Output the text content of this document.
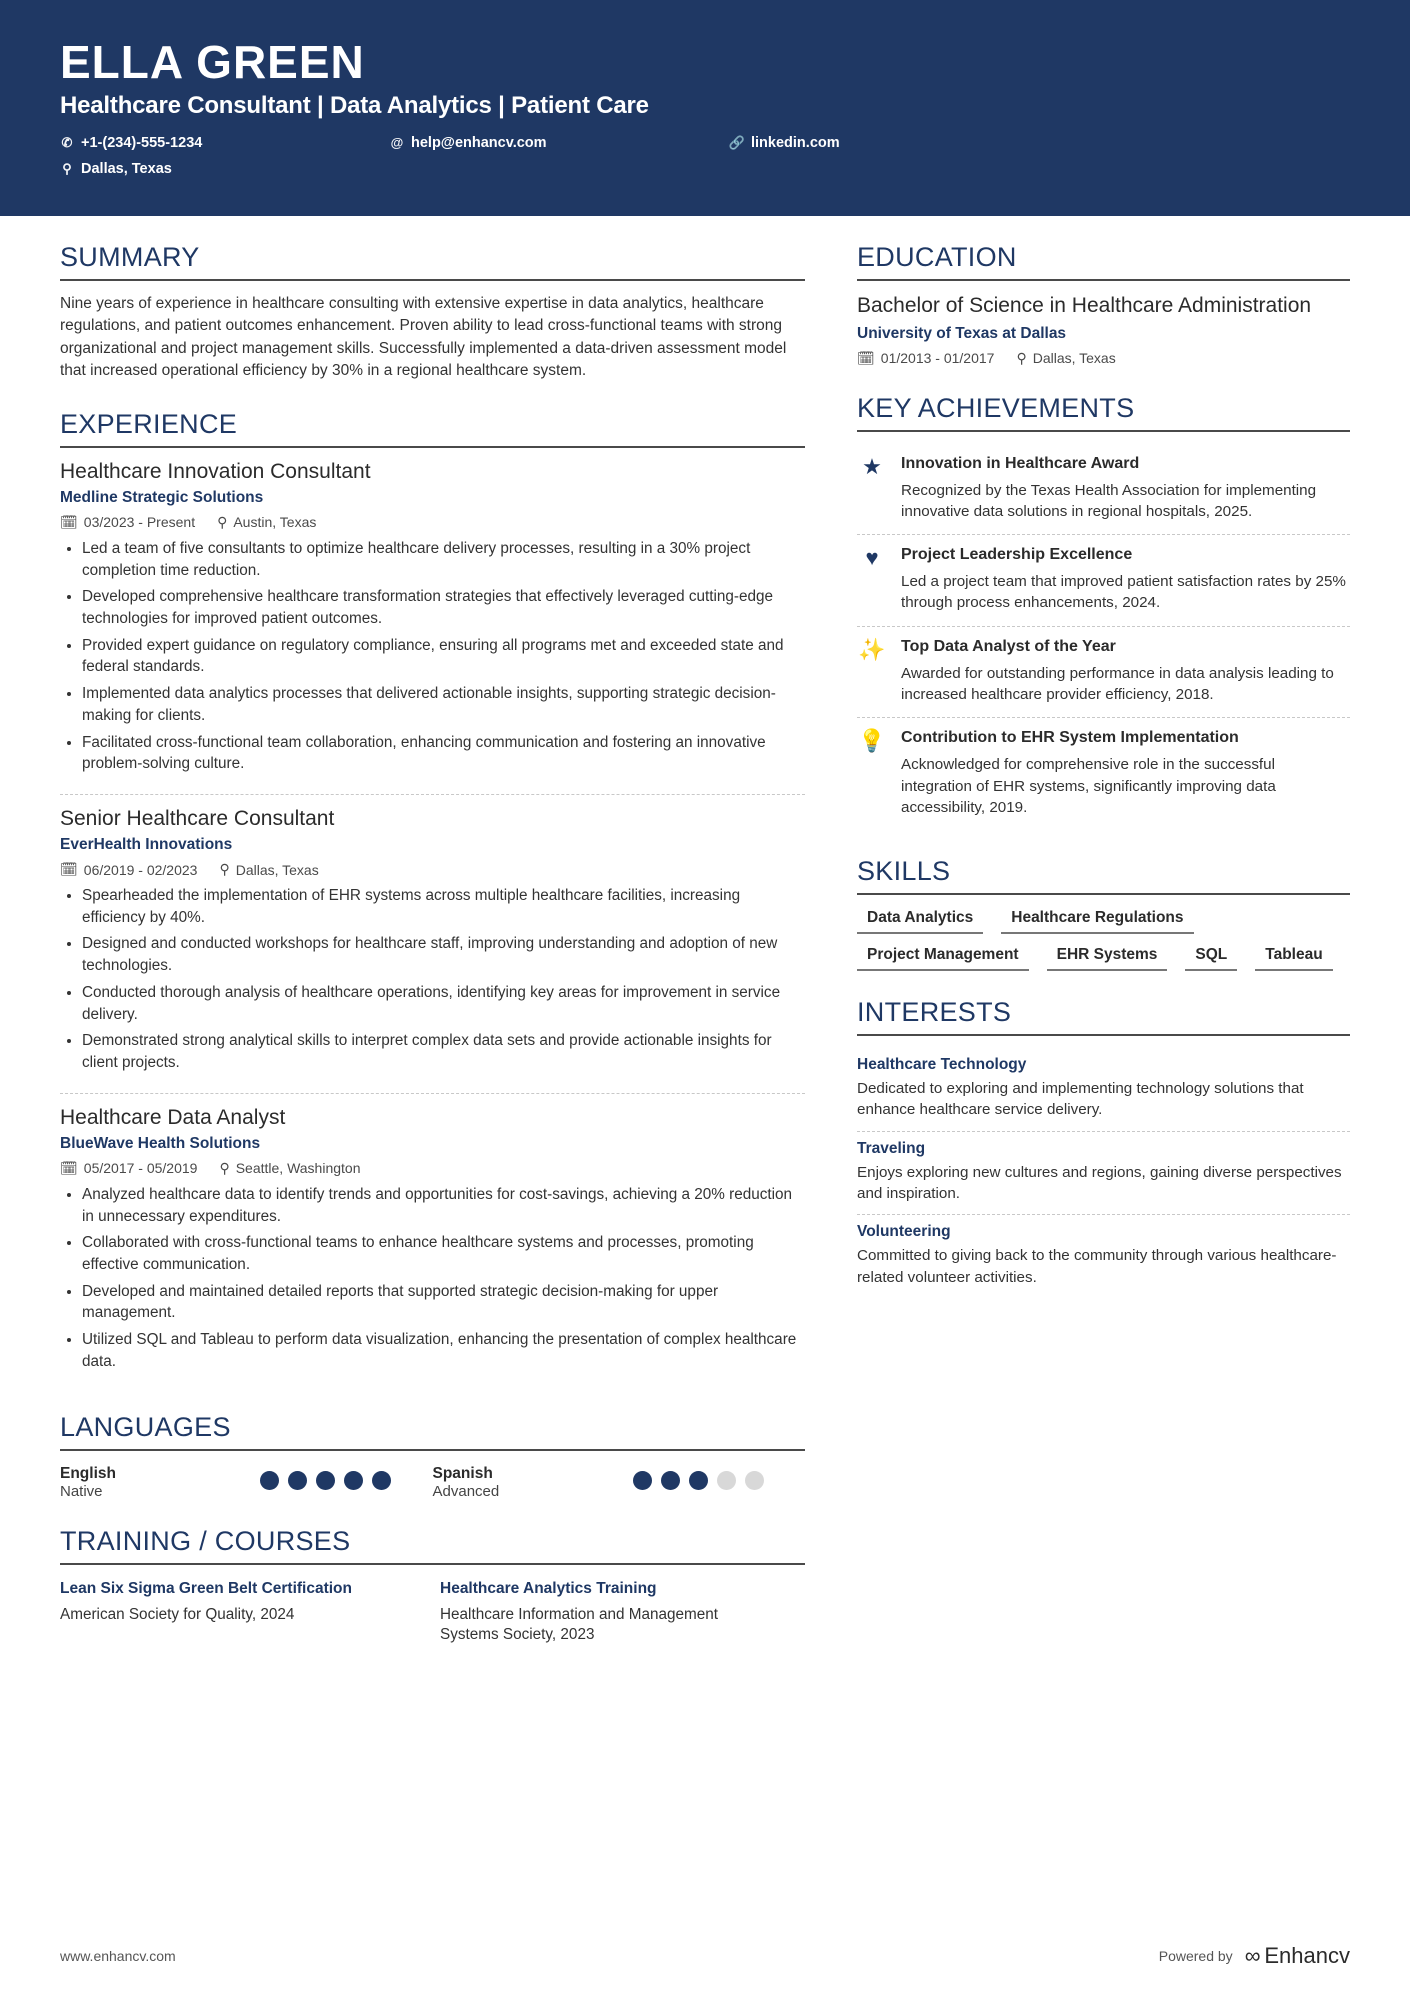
ELLA GREEN
Healthcare Consultant | Data Analytics | Patient Care
✆ +1-(234)-555-1234
⚲ Dallas, Texas
@ help@enhancv.com	🔗 linkedin.com
SUMMARY
Nine years of experience in healthcare consulting with extensive expertise in data analytics, healthcare regulations, and patient outcomes enhancement. Proven ability to lead cross-functional teams with strong organizational and project management skills. Successfully implemented a data-driven assessment model that increased operational efficiency by 30% in a regional healthcare system.
EXPERIENCE
Healthcare Innovation Consultant
Medline Strategic Solutions
🗓 03/2023 - Present ⚲ Austin, Texas
• Led a team of five consultants to optimize healthcare delivery processes, resulting in a 30% project completion time reduction.
• Developed comprehensive healthcare transformation strategies that effectively leveraged cutting-edge technologies for improved patient outcomes.
• Provided expert guidance on regulatory compliance, ensuring all programs met and exceeded state and federal standards.
• Implemented data analytics processes that delivered actionable insights, supporting strategic decision-making for clients.
• Facilitated cross-functional team collaboration, enhancing communication and fostering an innovative problem-solving culture.
Senior Healthcare Consultant
EverHealth Innovations
🗓 06/2019 - 02/2023 ⚲ Dallas, Texas
• Spearheaded the implementation of EHR systems across multiple healthcare facilities, increasing efficiency by 40%.
• Designed and conducted workshops for healthcare staff, improving understanding and adoption of new technologies.
• Conducted thorough analysis of healthcare operations, identifying key areas for improvement in service delivery.
• Demonstrated strong analytical skills to interpret complex data sets and provide actionable insights for client projects.
Healthcare Data Analyst
BlueWave Health Solutions
🗓 05/2017 - 05/2019 ⚲ Seattle, Washington
• Analyzed healthcare data to identify trends and opportunities for cost-savings, achieving a 20% reduction in unnecessary expenditures.
• Collaborated with cross-functional teams to enhance healthcare systems and processes, promoting effective communication.
• Developed and maintained detailed reports that supported strategic decision-making for upper management.
• Utilized SQL and Tableau to perform data visualization, enhancing the presentation of complex healthcare data.
LANGUAGES
English
Native
Spanish
Advanced
TRAINING / COURSES
Lean Six Sigma Green Belt Certification
American Society for Quality, 2024
Healthcare Analytics Training
Healthcare Information and Management Systems Society, 2023
EDUCATION
Bachelor of Science in Healthcare Administration
University of Texas at Dallas
🗓 01/2013 - 01/2017 ⚲ Dallas, Texas
KEY ACHIEVEMENTS
★	Innovation in Healthcare Award
Recognized by the Texas Health Association for implementing innovative data solutions in regional hospitals, 2025.
♥	Project Leadership Excellence
Led a project team that improved patient satisfaction rates by 25% through process enhancements, 2024.
✨ Top Data Analyst of the Year
Awarded for outstanding performance in data analysis leading to increased healthcare provider efficiency, 2018.
💡 Contribution to EHR System Implementation
Acknowledged for comprehensive role in the successful integration of EHR systems, significantly improving data accessibility, 2019.
SKILLS
Data Analytics	Healthcare Regulations
Project Management	EHR Systems	SQL	Tableau
INTERESTS
Healthcare Technology
Dedicated to exploring and implementing technology solutions that enhance healthcare service delivery.
Traveling
Enjoys exploring new cultures and regions, gaining diverse perspectives and inspiration.
Volunteering
Committed to giving back to the community through various healthcare-related volunteer activities.
www.enhancv.com	Powered by ∞ Enhancv
